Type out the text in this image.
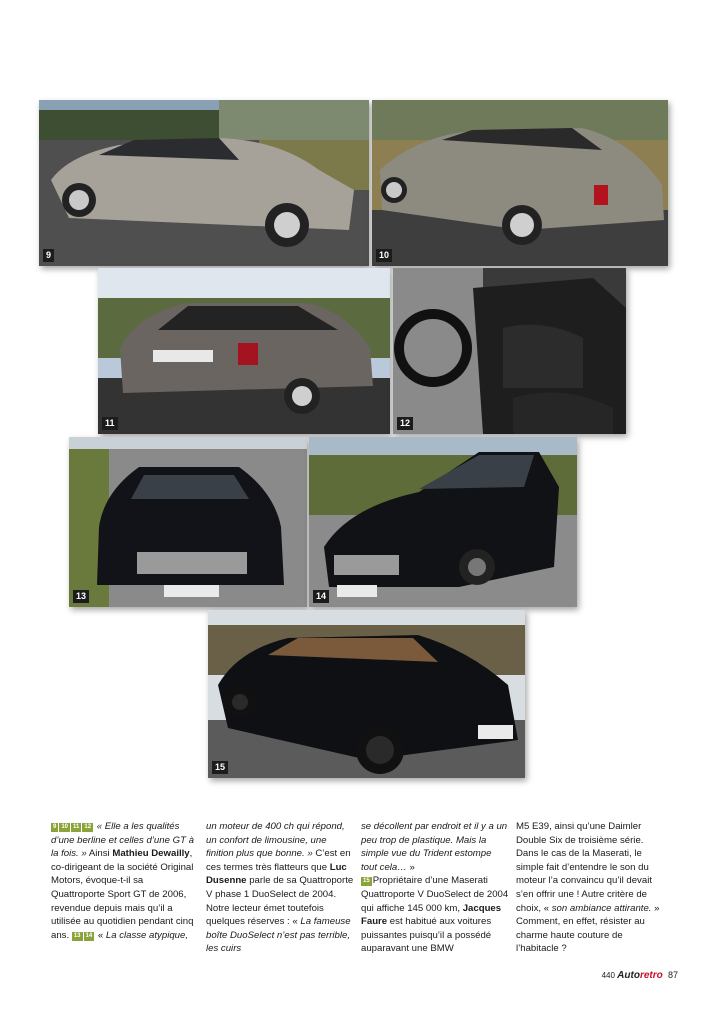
9	10
11	12
13	14
15

9 10 11 12 « Elle a les qualités d’une berline et celles d’une GT à la fois. » Ainsi Mathieu Dewailly, co-dirigeant de la société Original Motors, évoque-t-il sa Quattroporte Sport GT de 2006, revendue depuis mais qu’il a utilisée au quotidien pendant cinq ans. 13 14 « La classe atypique,

un moteur de 400 ch qui répond, un confort de limousine, une finition plus que bonne. » C’est en ces termes très flatteurs que Luc Dusenne parle de sa Quattroporte V phase 1 DuoSelect de 2004. Notre lecteur émet toutefois quelques réserves : « La fameuse boîte DuoSelect n’est pas terrible, les cuirs

se décollent par endroit et il y a un peu trop de plastique. Mais la simple vue du Trident estompe tout cela… »

15 Propriétaire d’une Maserati Quattroporte V DuoSelect de 2004 qui affiche 145 000 km, Jacques Faure est habitué aux voitures puissantes puisqu’il a possédé auparavant une BMW

M5 E39, ainsi qu’une Daimler Double Six de troisième série. Dans le cas de la Maserati, le simple fait d’entendre le son du moteur l’a convaincu qu’il devait s’en offrir une ! Autre critère de choix, « son ambiance attirante. » Comment, en effet, résister au charme haute couture de l’habitacle ?

440 Autoretro 87
